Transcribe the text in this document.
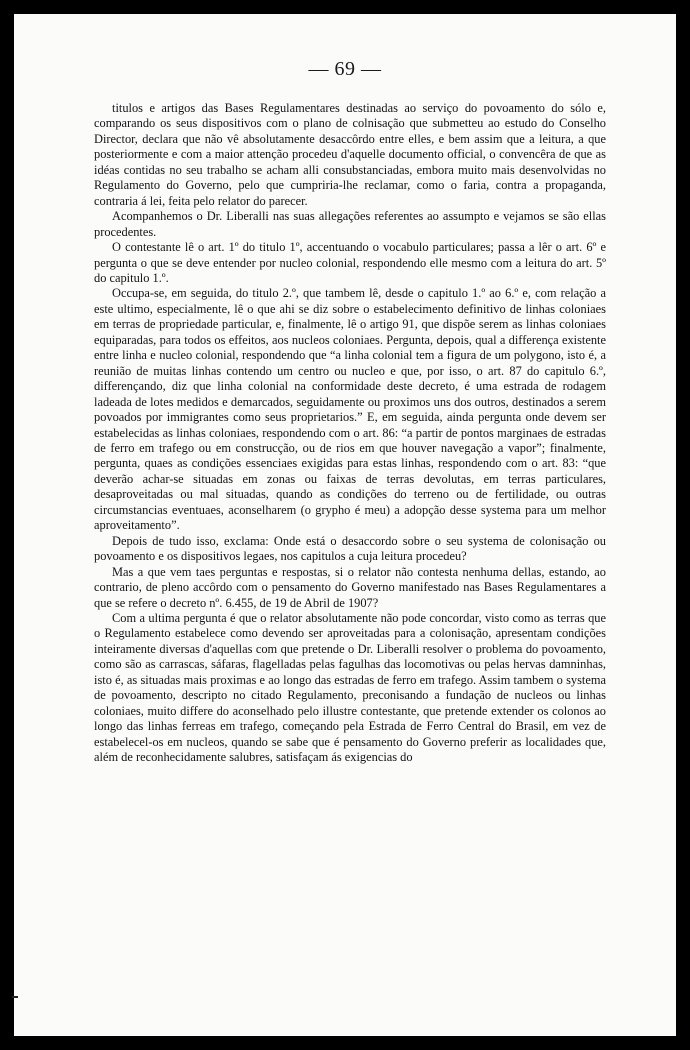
— 69 —

titulos e artigos das Bases Regulamentares destinadas ao serviço do povoamento do sólo e, comparando os seus dispositivos com o plano de colnisação que submetteu ao estudo do Conselho Director, declara que não vê absolutamente desaccôrdo entre elles, e bem assim que a leitura, a que posteriormente e com a maior attenção procedeu d'aquelle documento official, o convencêra de que as idéas contidas no seu trabalho se acham alli consubstanciadas, embora muito mais desenvolvidas no Regulamento do Governo, pelo que cumpriria-lhe reclamar, como o faria, contra a propaganda, contraria á lei, feita pelo relator do parecer.

Acompanhemos o Dr. Liberalli nas suas allegações referentes ao assumpto e vejamos se são ellas procedentes.

O contestante lê o art. 1º do titulo 1º, accentuando o vocabulo particulares; passa a lêr o art. 6º e pergunta o que se deve entender por nucleo colonial, respondendo elle mesmo com a leitura do art. 5º do capitulo 1.º.

Occupa-se, em seguida, do titulo 2.º, que tambem lê, desde o capitulo 1.º ao 6.º e, com relação a este ultimo, especialmente, lê o que ahi se diz sobre o estabelecimento definitivo de linhas coloniaes em terras de propriedade particular, e, finalmente, lê o artigo 91, que dispõe serem as linhas coloniaes equiparadas, para todos os effeitos, aos nucleos coloniaes. Pergunta, depois, qual a differença existente entre linha e nucleo colonial, respondendo que “a linha colonial tem a figura de um polygono, isto é, a reunião de muitas linhas contendo um centro ou nucleo e que, por isso, o art. 87 do capitulo 6.º, differençando, diz que linha colonial na conformidade deste decreto, é uma estrada de rodagem ladeada de lotes medidos e demarcados, seguidamente ou proximos uns dos outros, destinados a serem povoados por immigrantes como seus proprietarios.” E, em seguida, ainda pergunta onde devem ser estabelecidas as linhas coloniaes, respondendo com o art. 86: “a partir de pontos marginaes de estradas de ferro em trafego ou em construcção, ou de rios em que houver navegação a vapor”; finalmente, pergunta, quaes as condições essenciaes exigidas para estas linhas, respondendo com o art. 83: “que deverão achar-se situadas em zonas ou faixas de terras devolutas, em terras particulares, desaproveitadas ou mal situadas, quando as condições do terreno ou de fertilidade, ou outras circumstancias eventuaes, aconselharem (o grypho é meu) a adopção desse systema para um melhor aproveitamento”.

Depois de tudo isso, exclama: Onde está o desaccordo sobre o seu systema de colonisação ou povoamento e os dispositivos legaes, nos capitulos a cuja leitura procedeu?

Mas a que vem taes perguntas e respostas, si o relator não contesta nenhuma dellas, estando, ao contrario, de pleno accôrdo com o pensamento do Governo manifestado nas Bases Regulamentares a que se refere o decreto nº. 6.455, de 19 de Abril de 1907?

Com a ultima pergunta é que o relator absolutamente não pode concordar, visto como as terras que o Regulamento estabelece como devendo ser aproveitadas para a colonisação, apresentam condições inteiramente diversas d'aquellas com que pretende o Dr. Liberalli resolver o problema do povoamento, como são as carrascas, sáfaras, flagelladas pelas fagulhas das locomotivas ou pelas hervas damninhas, isto é, as situadas mais proximas e ao longo das estradas de ferro em trafego. Assim tambem o systema de povoamento, descripto no citado Regulamento, preconisando a fundação de nucleos ou linhas coloniaes, muito differe do aconselhado pelo illustre contestante, que pretende extender os colonos ao longo das linhas ferreas em trafego, começando pela Estrada de Ferro Central do Brasil, em vez de estabelecel-os em nucleos, quando se sabe que é pensamento do Governo preferir as localidades que, além de reconhecidamente salubres, satisfaçam ás exigencias do
